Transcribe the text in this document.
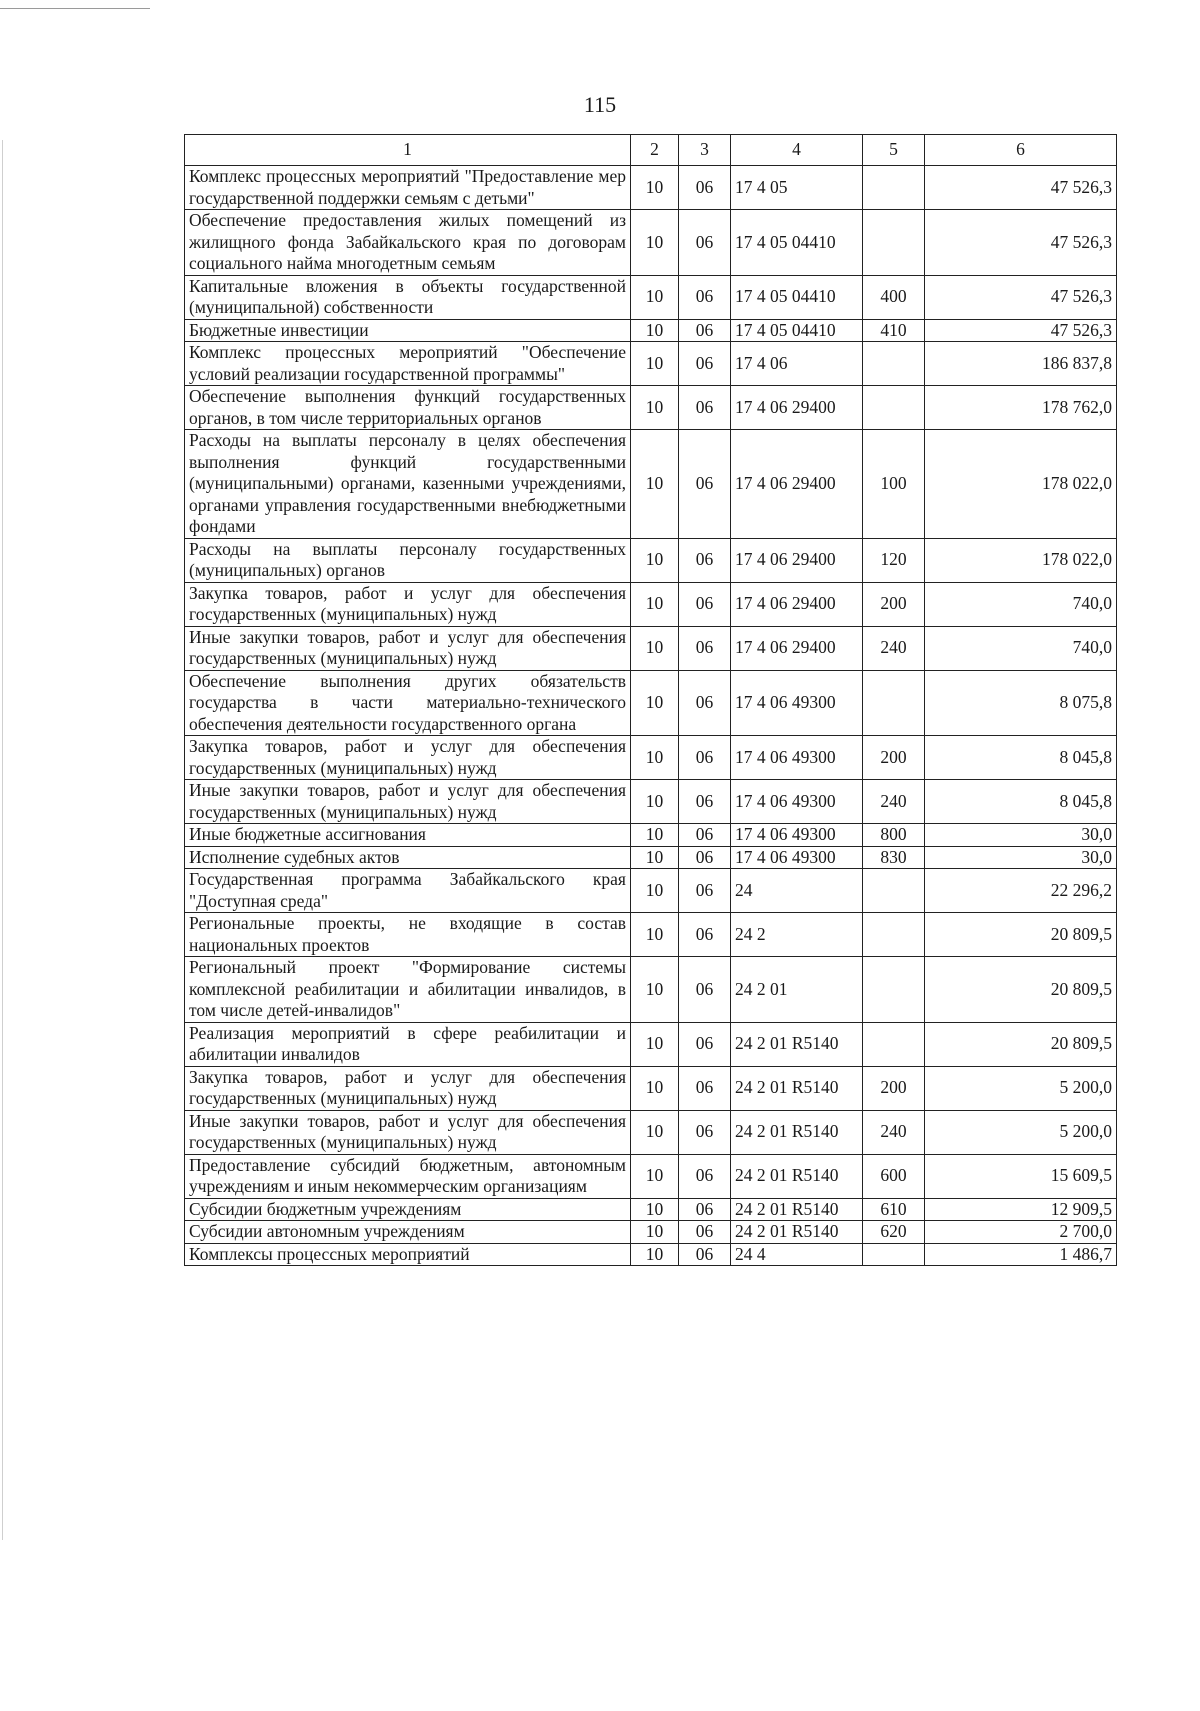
115
1	2	3	4	5	6
Комплекс процессных мероприятий "Предоставление мер государственной поддержки семьям с детьми"	10	06	17 4 05		47 526,3
Обеспечение предоставления жилых помещений из жилищного фонда Забайкальского края по договорам социального найма многодетным семьям	10	06	17 4 05 04410		47 526,3
Капитальные вложения в объекты государственной (муниципальной) собственности	10	06	17 4 05 04410	400	47 526,3
Бюджетные инвестиции	10	06	17 4 05 04410	410	47 526,3
Комплекс процессных мероприятий "Обеспечение условий реализации государственной программы"	10	06	17 4 06		186 837,8
Обеспечение выполнения функций государственных органов, в том числе территориальных органов	10	06	17 4 06 29400		178 762,0
Расходы на выплаты персоналу в целях обеспечения выполнения функций государственными (муниципальными) органами, казенными учреждениями, органами управления государственными внебюджетными фондами	10	06	17 4 06 29400	100	178 022,0
Расходы на выплаты персоналу государственных (муниципальных) органов	10	06	17 4 06 29400	120	178 022,0
Закупка товаров, работ и услуг для обеспечения государственных (муниципальных) нужд	10	06	17 4 06 29400	200	740,0
Иные закупки товаров, работ и услуг для обеспечения государственных (муниципальных) нужд	10	06	17 4 06 29400	240	740,0
Обеспечение выполнения других обязательств государства в части материально-технического обеспечения деятельности государственного органа	10	06	17 4 06 49300		8 075,8
Закупка товаров, работ и услуг для обеспечения государственных (муниципальных) нужд	10	06	17 4 06 49300	200	8 045,8
Иные закупки товаров, работ и услуг для обеспечения государственных (муниципальных) нужд	10	06	17 4 06 49300	240	8 045,8
Иные бюджетные ассигнования	10	06	17 4 06 49300	800	30,0
Исполнение судебных актов	10	06	17 4 06 49300	830	30,0
Государственная программа Забайкальского края "Доступная среда"	10	06	24		22 296,2
Региональные проекты, не входящие в состав национальных проектов	10	06	24 2		20 809,5
Региональный проект "Формирование системы комплексной реабилитации и абилитации инвалидов, в том числе детей-инвалидов"	10	06	24 2 01		20 809,5
Реализация мероприятий в сфере реабилитации и абилитации инвалидов	10	06	24 2 01 R5140		20 809,5
Закупка товаров, работ и услуг для обеспечения государственных (муниципальных) нужд	10	06	24 2 01 R5140	200	5 200,0
Иные закупки товаров, работ и услуг для обеспечения государственных (муниципальных) нужд	10	06	24 2 01 R5140	240	5 200,0
Предоставление субсидий бюджетным, автономным учреждениям и иным некоммерческим организациям	10	06	24 2 01 R5140	600	15 609,5
Субсидии бюджетным учреждениям	10	06	24 2 01 R5140	610	12 909,5
Субсидии автономным учреждениям	10	06	24 2 01 R5140	620	2 700,0
Комплексы процессных мероприятий	10	06	24 4		1 486,7
